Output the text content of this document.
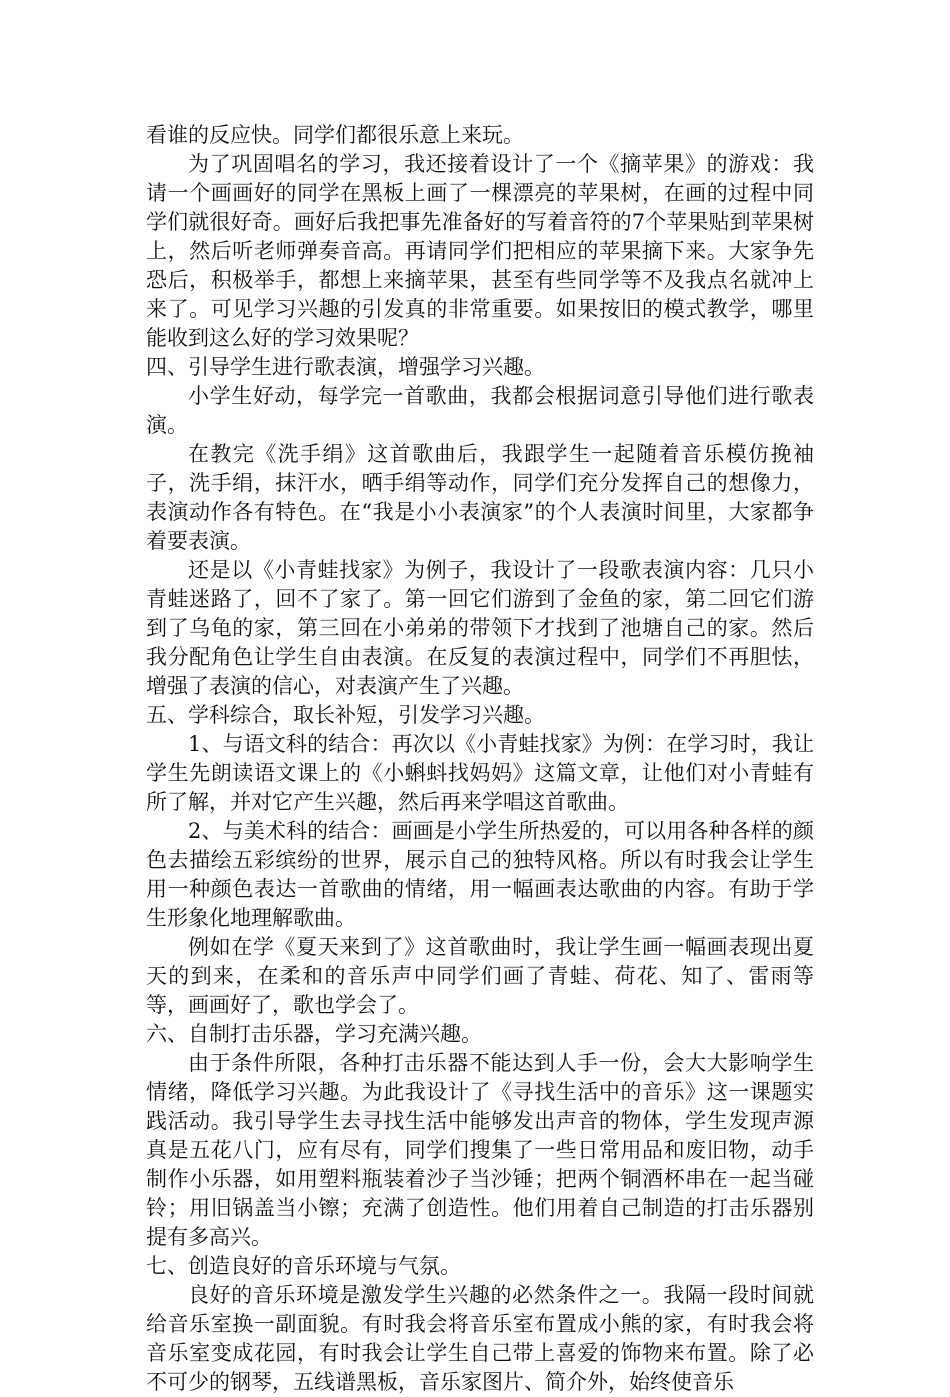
看谁的反应快。同学们都很乐意上来玩。

为了巩固唱名的学习，我还接着设计了一个《摘苹果》的游戏：我请一个画画好的同学在黑板上画了一棵漂亮的苹果树，在画的过程中同学们就很好奇。画好后我把事先准备好的写着音符的7个苹果贴到苹果树上，然后听老师弹奏音高。再请同学们把相应的苹果摘下来。大家争先恐后，积极举手，都想上来摘苹果，甚至有些同学等不及我点名就冲上来了。可见学习兴趣的引发真的非常重要。如果按旧的模式教学，哪里能收到这么好的学习效果呢？

四、引导学生进行歌表演，增强学习兴趣。

小学生好动，每学完一首歌曲，我都会根据词意引导他们进行歌表演。

在教完《洗手绢》这首歌曲后，我跟学生一起随着音乐模仿挽袖子，洗手绢，抹汗水，晒手绢等动作，同学们充分发挥自己的想像力，表演动作各有特色。在“我是小小表演家”的个人表演时间里，大家都争着要表演。

还是以《小青蛙找家》为例子，我设计了一段歌表演内容：几只小青蛙迷路了，回不了家了。第一回它们游到了金鱼的家，第二回它们游到了乌龟的家，第三回在小弟弟的带领下才找到了池塘自己的家。然后我分配角色让学生自由表演。在反复的表演过程中，同学们不再胆怯，增强了表演的信心，对表演产生了兴趣。

五、学科综合，取长补短，引发学习兴趣。

1、与语文科的结合：再次以《小青蛙找家》为例：在学习时，我让学生先朗读语文课上的《小蝌蚪找妈妈》这篇文章，让他们对小青蛙有所了解，并对它产生兴趣，然后再来学唱这首歌曲。

2、与美术科的结合：画画是小学生所热爱的，可以用各种各样的颜色去描绘五彩缤纷的世界，展示自己的独特风格。所以有时我会让学生用一种颜色表达一首歌曲的情绪，用一幅画表达歌曲的内容。有助于学生形象化地理解歌曲。

例如在学《夏天来到了》这首歌曲时，我让学生画一幅画表现出夏天的到来，在柔和的音乐声中同学们画了青蛙、荷花、知了、雷雨等等，画画好了，歌也学会了。

六、自制打击乐器，学习充满兴趣。

由于条件所限，各种打击乐器不能达到人手一份，会大大影响学生情绪，降低学习兴趣。为此我设计了《寻找生活中的音乐》这一课题实践活动。我引导学生去寻找生活中能够发出声音的物体，学生发现声源真是五花八门，应有尽有，同学们搜集了一些日常用品和废旧物，动手制作小乐器，如用塑料瓶装着沙子当沙锤；把两个铜酒杯串在一起当碰铃；用旧锅盖当小镲；充满了创造性。他们用着自己制造的打击乐器别提有多高兴。

七、创造良好的音乐环境与气氛。

良好的音乐环境是激发学生兴趣的必然条件之一。我隔一段时间就给音乐室换一副面貌。有时我会将音乐室布置成小熊的家，有时我会将音乐室变成花园，有时我会让学生自己带上喜爱的饰物来布置。除了必不可少的钢琴，五线谱黑板，音乐家图片、简介外，始终使音乐
